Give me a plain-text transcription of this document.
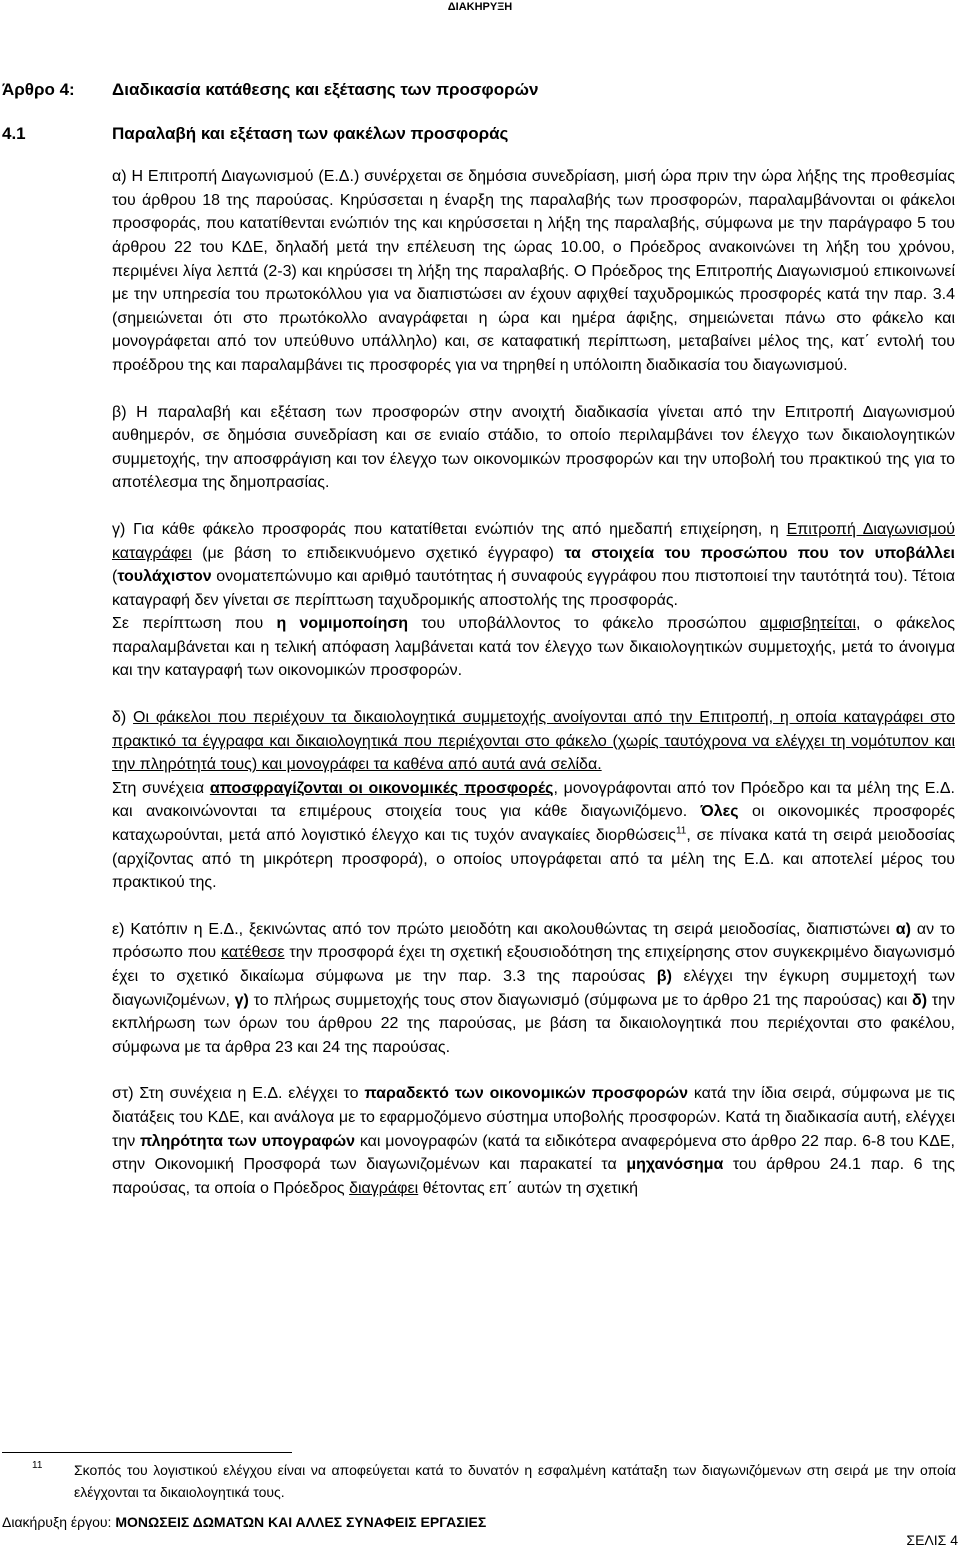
ΔΙΑΚΗΡΥΞΗ
Άρθρο 4:	Διαδικασία κατάθεσης και εξέτασης των προσφορών
4.1	Παραλαβή και εξέταση των φακέλων προσφοράς
α) Η Επιτροπή Διαγωνισμού (Ε.Δ.) συνέρχεται σε δημόσια συνεδρίαση, μισή ώρα πριν την ώρα λήξης της προθεσμίας του άρθρου 18 της παρούσας. Κηρύσσεται η έναρξη της παραλαβής των προσφορών, παραλαμβάνονται οι φάκελοι προσφοράς, που κατατίθενται ενώπιόν της και κηρύσσεται η λήξη της παραλαβής, σύμφωνα με την παράγραφο 5 του άρθρου 22 του ΚΔΕ, δηλαδή μετά την επέλευση της ώρας 10.00, ο Πρόεδρος ανακοινώνει τη λήξη του χρόνου, περιμένει λίγα λεπτά (2-3) και κηρύσσει τη λήξη της παραλαβής. Ο Πρόεδρος της Επιτροπής Διαγωνισμού επικοινωνεί με την υπηρεσία του πρωτοκόλλου για να διαπιστώσει αν έχουν αφιχθεί ταχυδρομικώς προσφορές κατά την παρ. 3.4 (σημειώνεται ότι στο πρωτόκολλο αναγράφεται η ώρα και ημέρα άφιξης, σημειώνεται πάνω στο φάκελο και μονογράφεται από τον υπεύθυνο υπάλληλο) και, σε καταφατική περίπτωση, μεταβαίνει μέλος της, κατ΄ εντολή του προέδρου της και παραλαμβάνει τις προσφορές για να τηρηθεί η υπόλοιπη διαδικασία του διαγωνισμού.
β) Η παραλαβή και εξέταση των προσφορών στην ανοιχτή διαδικασία γίνεται από την Επιτροπή Διαγωνισμού αυθημερόν, σε δημόσια συνεδρίαση και σε ενιαίο στάδιο, το οποίο περιλαμβάνει τον έλεγχο των δικαιολογητικών συμμετοχής, την αποσφράγιση και τον έλεγχο των οικονομικών προσφορών και την υποβολή του πρακτικού της για το αποτέλεσμα της δημοπρασίας.
γ) Για κάθε φάκελο προσφοράς που κατατίθεται ενώπιόν της από ημεδαπή επιχείρηση, η Επιτροπή Διαγωνισμού καταγράφει (με βάση το επιδεικνυόμενο σχετικό έγγραφο) τα στοιχεία του προσώπου που τον υποβάλλει (τουλάχιστον ονοματεπώνυμο και αριθμό ταυτότητας ή συναφούς εγγράφου που πιστοποιεί την ταυτότητά του). Τέτοια καταγραφή δεν γίνεται σε περίπτωση ταχυδρομικής αποστολής της προσφοράς.
Σε περίπτωση που η νομιμοποίηση του υποβάλλοντος το φάκελο προσώπου αμφισβητείται, ο φάκελος παραλαμβάνεται και η τελική απόφαση λαμβάνεται κατά τον έλεγχο των δικαιολογητικών συμμετοχής, μετά το άνοιγμα και την καταγραφή των οικονομικών προσφορών.
δ) Οι φάκελοι που περιέχουν τα δικαιολογητικά συμμετοχής ανοίγονται από την Επιτροπή, η οποία καταγράφει στο πρακτικό τα έγγραφα και δικαιολογητικά που περιέχονται στο φάκελο (χωρίς ταυτόχρονα να ελέγχει τη νομότυπον και την πληρότητά τους) και μονογράφει τα καθένα από αυτά ανά σελίδα.
Στη συνέχεια αποσφραγίζονται οι οικονομικές προσφορές, μονογράφονται από τον Πρόεδρο και τα μέλη της Ε.Δ. και ανακοινώνονται τα επιμέρους στοιχεία τους για κάθε διαγωνιζόμενο. Όλες οι οικονομικές προσφορές καταχωρούνται, μετά από λογιστικό έλεγχο και τις τυχόν αναγκαίες διορθώσεις$^{11}$, σε πίνακα κατά τη σειρά μειοδοσίας (αρχίζοντας από τη μικρότερη προσφορά), ο οποίος υπογράφεται από τα μέλη της Ε.Δ. και αποτελεί μέρος του πρακτικού της.
ε) Κατόπιν η Ε.Δ., ξεκινώντας από τον πρώτο μειοδότη και ακολουθώντας τη σειρά μειοδοσίας, διαπιστώνει α) αν το πρόσωπο που κατέθεσε την προσφορά έχει τη σχετική εξουσιοδότηση της επιχείρησης στον συγκεκριμένο διαγωνισμό έχει το σχετικό δικαίωμα σύμφωνα με την παρ. 3.3 της παρούσας β) ελέγχει την έγκυρη συμμετοχή των διαγωνιζομένων, γ) το πλήρως συμμετοχής τους στον διαγωνισμό (σύμφωνα με το άρθρο 21 της παρούσας) και δ) την εκπλήρωση των όρων του άρθρου 22 της παρούσας, με βάση τα δικαιολογητικά που περιέχονται στο φακέλου, σύμφωνα με τα άρθρα 23 και 24 της παρούσας.
στ) Στη συνέχεια η Ε.Δ. ελέγχει το παραδεκτό των οικονομικών προσφορών κατά την ίδια σειρά, σύμφωνα με τις διατάξεις του ΚΔΕ, και ανάλογα με το εφαρμοζόμενο σύστημα υποβολής προσφορών. Κατά τη διαδικασία αυτή, ελέγχει την πληρότητα των υπογραφών και μονογραφών (κατά τα ειδικότερα αναφερόμενα στο άρθρο 22 παρ. 6-8 του ΚΔΕ, στην Οικονομική Προσφορά των διαγωνιζομένων και παρακατεί τα μηχανόσημα του άρθρου 24.1 παρ. 6 της παρούσας, τα οποία ο Πρόεδρος διαγράφει θέτοντας επ΄ αυτών τη σχετική
11	Σκοπός του λογιστικού ελέγχου είναι να αποφεύγεται κατά το δυνατόν η εσφαλμένη κατάταξη των διαγωνιζόμενων στη σειρά με την οποία ελέγχονται τα δικαιολογητικά τους.
Διακήρυξη έργου: ΜΟΝΩΣΕΙΣ ΔΩΜΑΤΩΝ ΚΑΙ ΑΛΛΕΣ ΣΥΝΑΦΕΙΣ ΕΡΓΑΣΙΕΣ
ΣΕΛΙΣ 4
